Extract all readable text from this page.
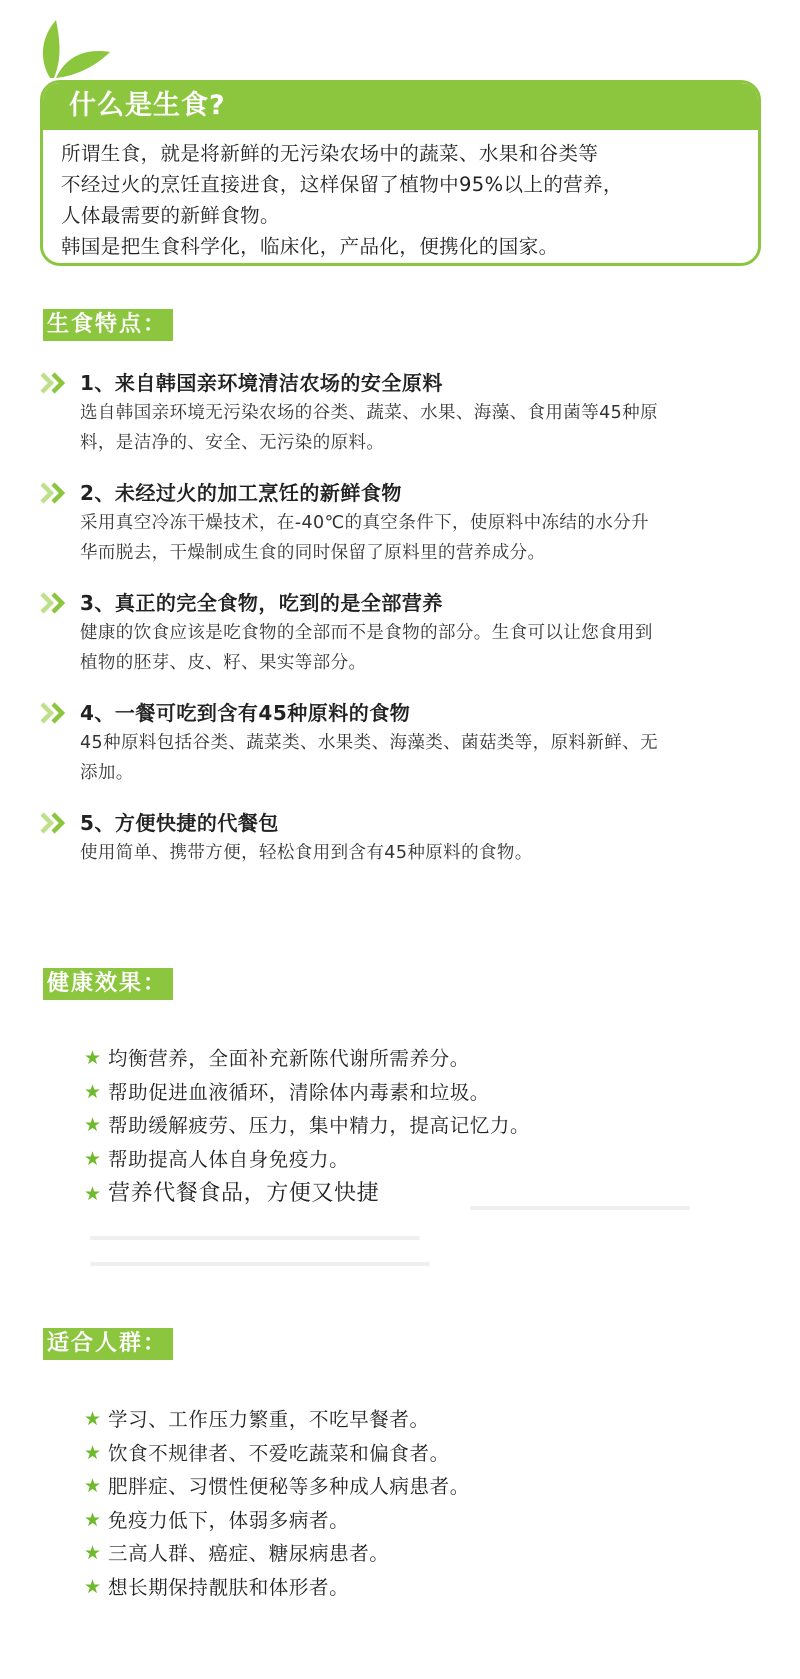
什么是生食?

所谓生食，就是将新鲜的无污染农场中的蔬菜、水果和谷类等

不经过火的烹饪直接进食，这样保留了植物中95%以上的营养，

人体最需要的新鲜食物。

韩国是把生食科学化，临床化，产品化，便携化的国家。

生食特点：
1、来自韩国亲环境清洁农场的安全原料
选自韩国亲环境无污染农场的谷类、蔬菜、水果、海藻、食用菌等45种原
料，是洁净的、安全、无污染的原料。
2、未经过火的加工烹饪的新鲜食物
采用真空冷冻干燥技术，在-40℃的真空条件下，使原料中冻结的水分升
华而脱去，干燥制成生食的同时保留了原料里的营养成分。
3、真正的完全食物，吃到的是全部营养
健康的饮食应该是吃食物的全部而不是食物的部分。生食可以让您食用到
植物的胚芽、皮、籽、果实等部分。
4、一餐可吃到含有45种原料的食物
45种原料包括谷类、蔬菜类、水果类、海藻类、菌菇类等，原料新鲜、无
添加。
5、方便快捷的代餐包
使用简单、携带方便，轻松食用到含有45种原料的食物。
健康效果：
★ 均衡营养，全面补充新陈代谢所需养分。
★ 帮助促进血液循环，清除体内毒素和垃圾。
★ 帮助缓解疲劳、压力，集中精力，提高记忆力。
★ 帮助提高人体自身免疫力。
★ 营养代餐食品，方便又快捷
适合人群：
★ 学习、工作压力繁重，不吃早餐者。
★ 饮食不规律者、不爱吃蔬菜和偏食者。
★ 肥胖症、习惯性便秘等多种成人病患者。
★ 免疫力低下，体弱多病者。
★ 三高人群、癌症、糖尿病患者。
★ 想长期保持靓肤和体形者。
